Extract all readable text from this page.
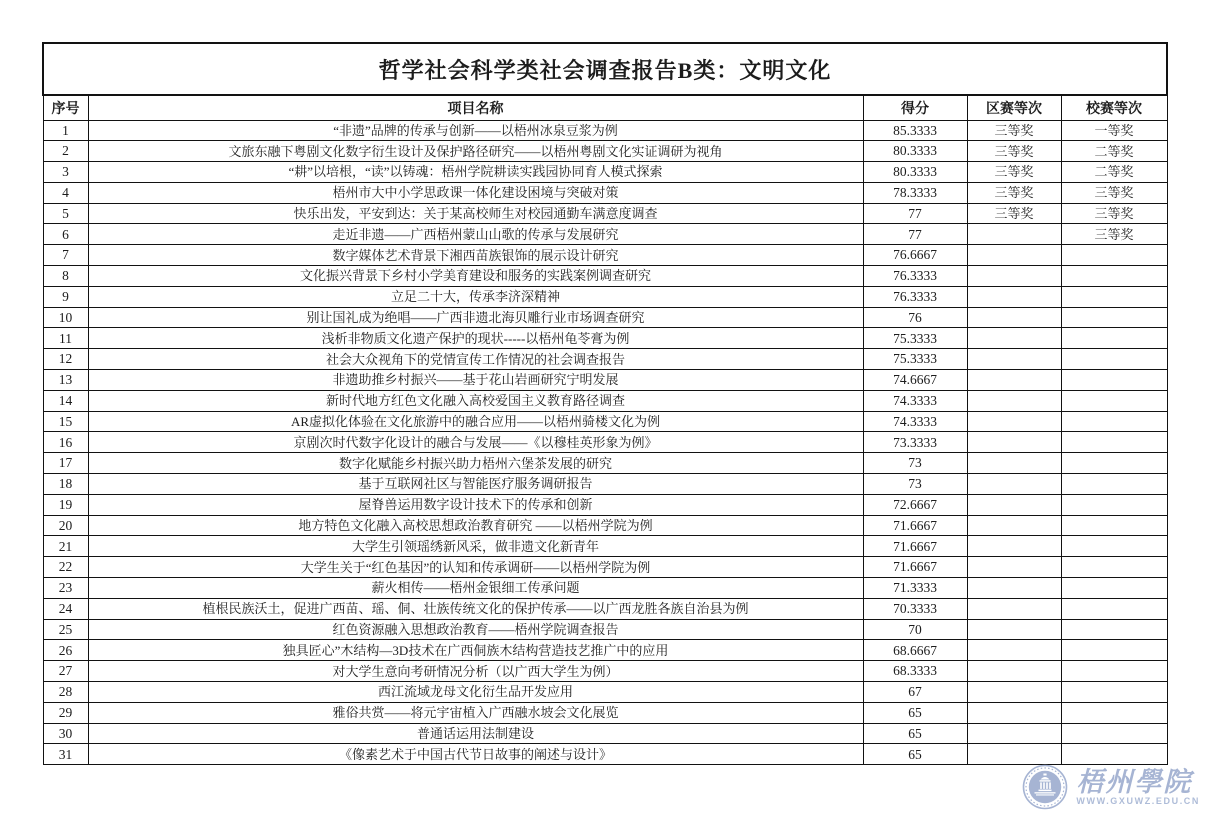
哲学社会科学类社会调查报告B类：文明文化				
序号	项目名称	得分	区赛等次	校赛等次
1	“非遗”品牌的传承与创新——以梧州冰泉豆浆为例	85.3333	三等奖	一等奖
2	文旅东融下粤剧文化数字衍生设计及保护路径研究——以梧州粤剧文化实证调研为视角	80.3333	三等奖	二等奖
3	“耕”以培根，“读”以铸魂：梧州学院耕读实践园协同育人模式探索	80.3333	三等奖	二等奖
4	梧州市大中小学思政课一体化建设困境与突破对策	78.3333	三等奖	三等奖
5	快乐出发，平安到达：关于某高校师生对校园通勤车满意度调查	77	三等奖	三等奖
6	走近非遗——广西梧州蒙山山歌的传承与发展研究	77		三等奖
7	数字媒体艺术背景下湘西苗族银饰的展示设计研究	76.6667		
8	文化振兴背景下乡村小学美育建设和服务的实践案例调查研究	76.3333		
9	立足二十大，传承李济深精神	76.3333		
10	别让国礼成为绝唱——广西非遗北海贝雕行业市场调查研究	76		
11	浅析非物质文化遗产保护的现状-----以梧州龟苓膏为例	75.3333		
12	社会大众视角下的党情宣传工作情况的社会调查报告	75.3333		
13	非遗助推乡村振兴——基于花山岩画研究宁明发展	74.6667		
14	新时代地方红色文化融入高校爱国主义教育路径调查	74.3333		
15	AR虚拟化体验在文化旅游中的融合应用——以梧州骑楼文化为例	74.3333		
16	京剧次时代数字化设计的融合与发展——《以穆桂英形象为例》	73.3333		
17	数字化赋能乡村振兴助力梧州六堡茶发展的研究	73		
18	基于互联网社区与智能医疗服务调研报告	73		
19	屋脊兽运用数字设计技术下的传承和创新	72.6667		
20	地方特色文化融入高校思想政治教育研究 ——以梧州学院为例	71.6667		
21	大学生引领瑶绣新风采，做非遗文化新青年	71.6667		
22	大学生关于“红色基因”的认知和传承调研——以梧州学院为例	71.6667		
23	薪火相传——梧州金银细工传承问题	71.3333		
24	植根民族沃土，促进广西苗、瑶、侗、壮族传统文化的保护传承——以广西龙胜各族自治县为例	70.3333		
25	红色资源融入思想政治教育——梧州学院调查报告	70		
26	独具匠心”木结构—3D技术在广西侗族木结构营造技艺推广中的应用	68.6667		
27	对大学生意向考研情况分析（以广西大学生为例）	68.3333		
28	西江流域龙母文化衍生品开发应用	67		
29	雅俗共赏——将元宇宙植入广西融水坡会文化展览	65		
30	普通话运用法制建设	65		
31	《像素艺术于中国古代节日故事的阐述与设计》	65		
梧州學院
WWW.GXUWZ.EDU.CN
